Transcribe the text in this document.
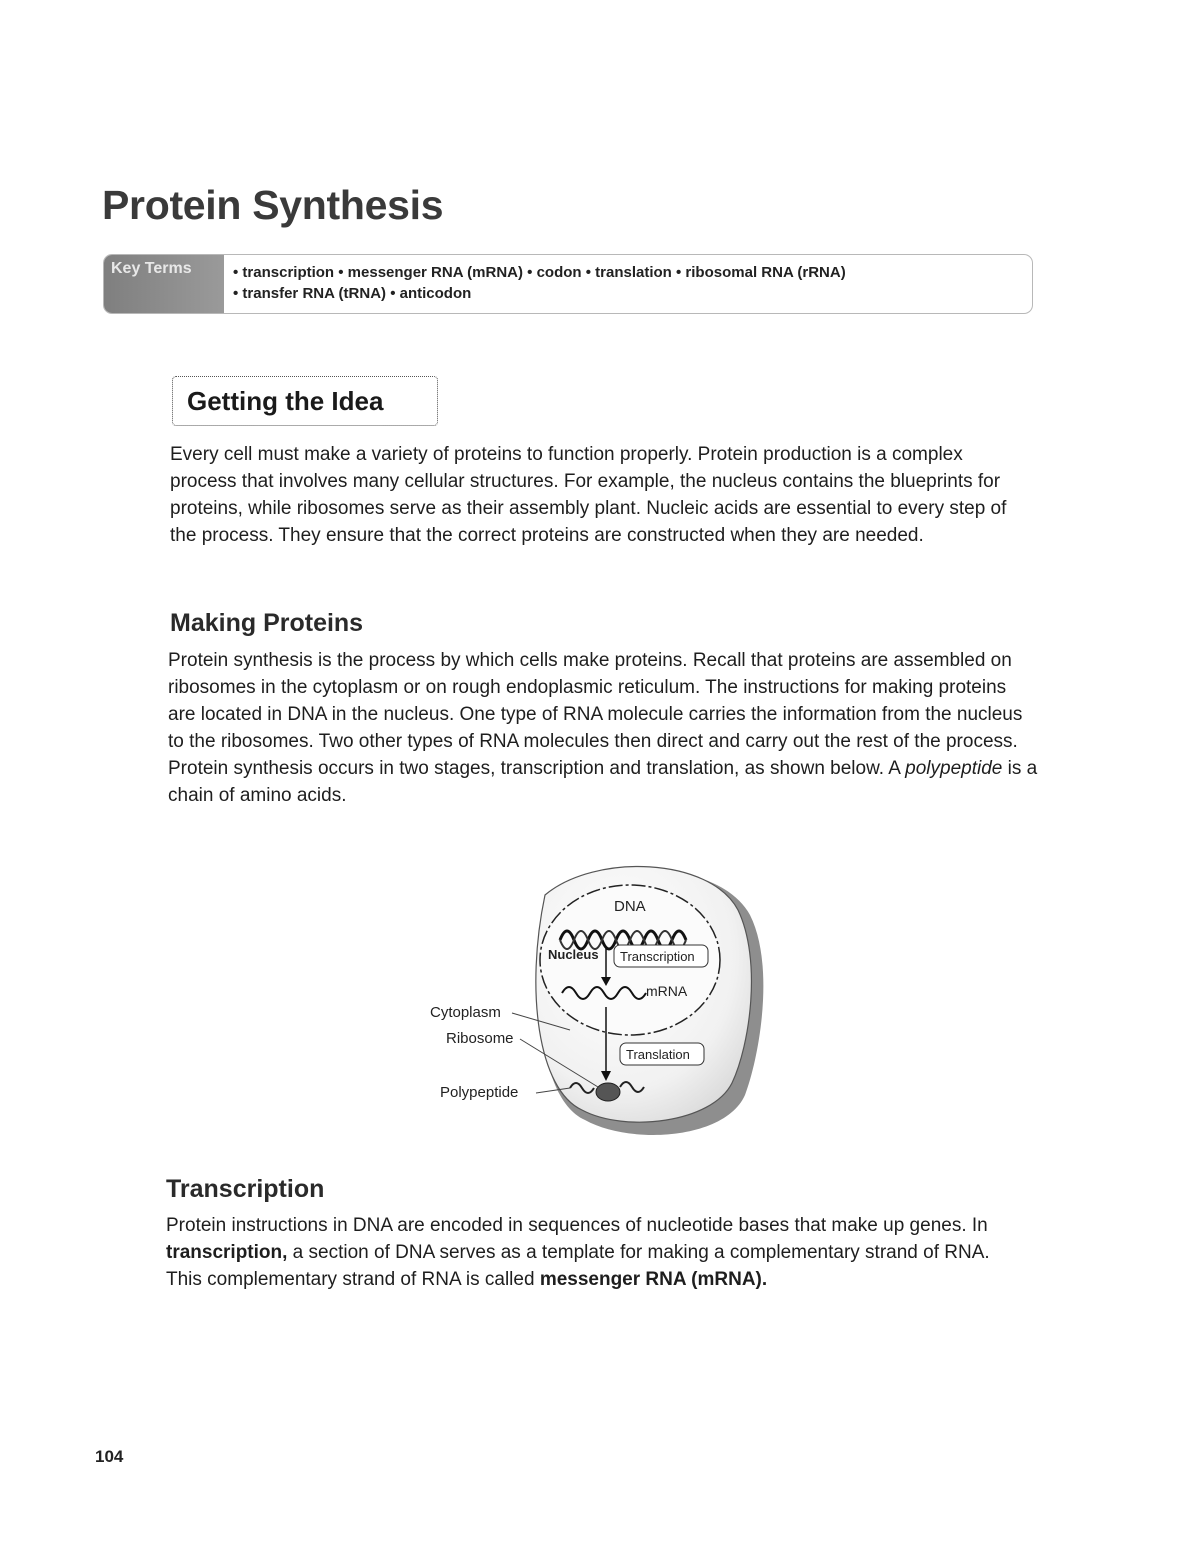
Protein Synthesis
Key Terms	• transcription • messenger RNA (mRNA) • codon • translation • ribosomal RNA (rRNA)
• transfer RNA (tRNA) • anticodon
Getting the Idea

Every cell must make a variety of proteins to function properly. Protein production is a complex process that involves many cellular structures. For example, the nucleus contains the blueprints for proteins, while ribosomes serve as their assembly plant. Nucleic acids are essential to every step of the process. They ensure that the correct proteins are constructed when they are needed.

Making Proteins

Protein synthesis is the process by which cells make proteins. Recall that proteins are assembled on ribosomes in the cytoplasm or on rough endoplasmic reticulum. The instructions for making proteins are located in DNA in the nucleus. One type of RNA molecule carries the information from the nucleus to the ribosomes. Two other types of RNA molecules then direct and carry out the rest of the process. Protein synthesis occurs in two stages, transcription and translation, as shown below. A polypeptide is a chain of amino acids.

DNA
Nucleus Transcription
mRNA
Translation
Cytoplasm
Ribosome
Polypeptide
Transcription

Protein instructions in DNA are encoded in sequences of nucleotide bases that make up genes. In transcription, a section of DNA serves as a template for making a complementary strand of RNA. This complementary strand of RNA is called messenger RNA (mRNA).

104
